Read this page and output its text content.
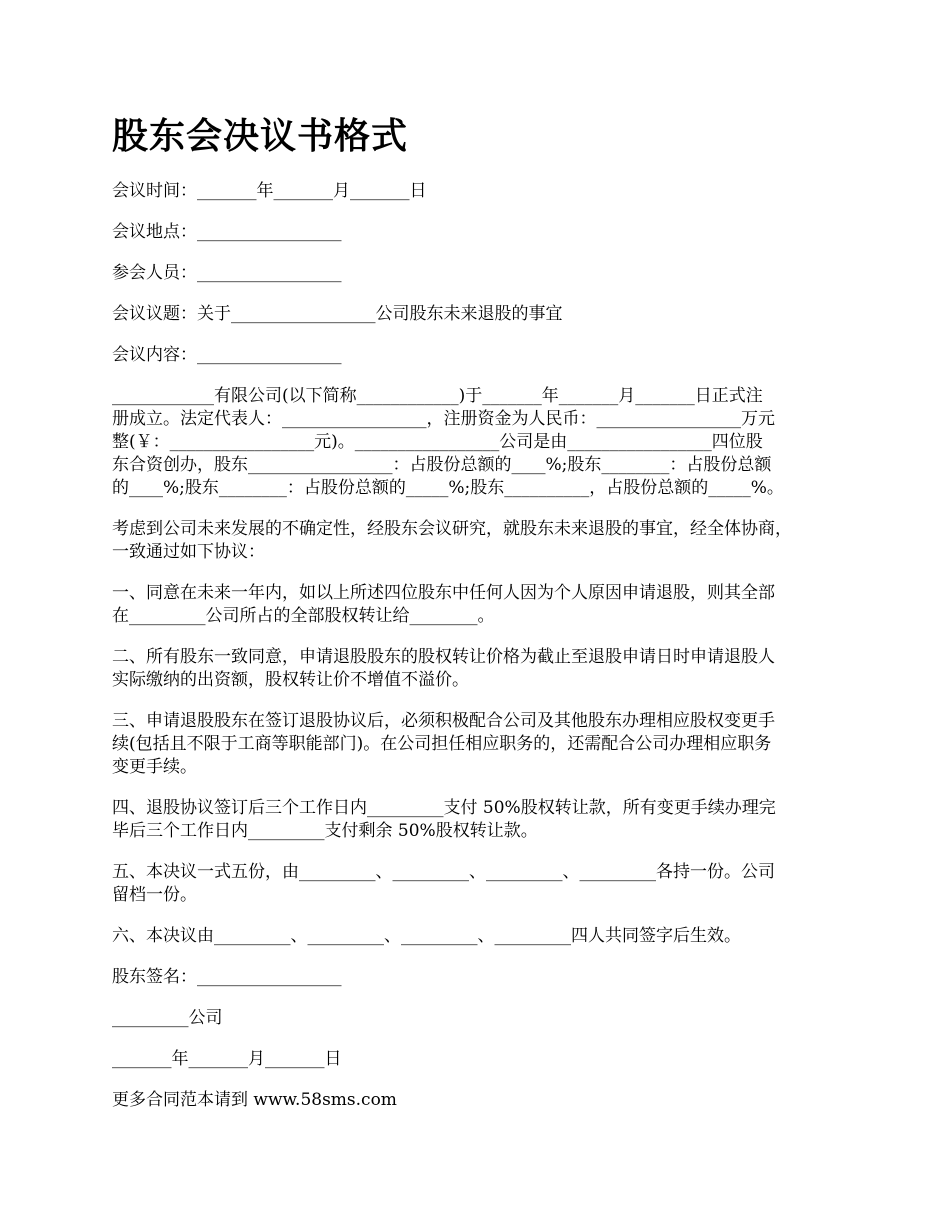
股东会决议书格式

会议时间：_______年_______月_______日

会议地点：_________________

参会人员：_________________

会议议题：关于_________________公司股东未来退股的事宜

会议内容：_________________

____________有限公司(以下简称____________)于_______年_______月_______日正式注
册成立。法定代表人：_________________，注册资金为人民币：_________________万元
整(￥：_________________元)。_________________公司是由_________________四位股
东合资创办，股东_________________：占股份总额的____%;股东________：占股份总额
的____%;股东________：占股份总额的_____%;股东__________，占股份总额的_____%。

考虑到公司未来发展的不确定性，经股东会议研究，就股东未来退股的事宜，经全体协商，
一致通过如下协议：

一、同意在未来一年内，如以上所述四位股东中任何人因为个人原因申请退股，则其全部
在_________公司所占的全部股权转让给________。

二、所有股东一致同意，申请退股股东的股权转让价格为截止至退股申请日时申请退股人
实际缴纳的出资额，股权转让价不增值不溢价。

三、申请退股股东在签订退股协议后，必须积极配合公司及其他股东办理相应股权变更手
续(包括且不限于工商等职能部门)。在公司担任相应职务的，还需配合公司办理相应职务
变更手续。

四、退股协议签订后三个工作日内_________支付 50%股权转让款，所有变更手续办理完
毕后三个工作日内_________支付剩余 50%股权转让款。

五、本决议一式五份，由_________、_________、_________、_________各持一份。公司
留档一份。

六、本决议由_________、_________、_________、_________四人共同签字后生效。

股东签名：_________________

_________公司

_______年_______月_______日

更多合同范本请到 www.58sms.com
